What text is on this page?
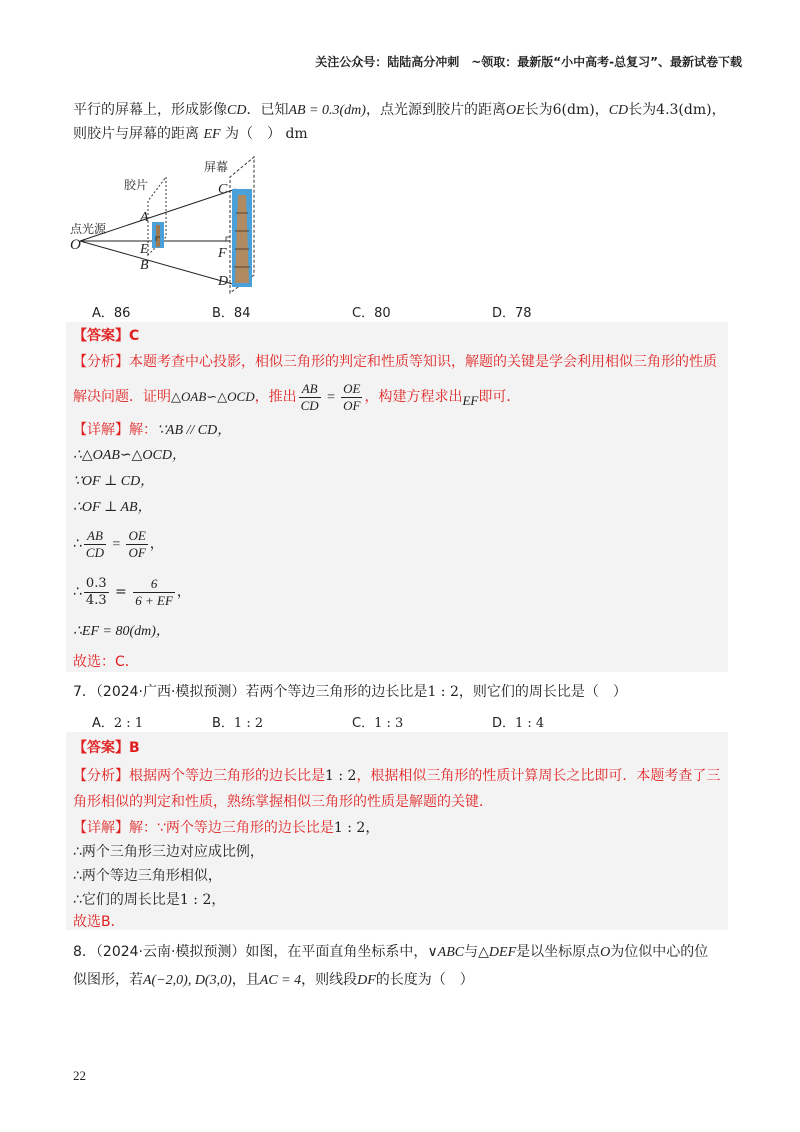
关注公众号：陆陆高分冲刺　~领取：最新版“小中高考-总复习”、最新试卷下载
平行的屏幕上，形成影像CD．已知AB = 0.3(dm)，点光源到胶片的距离OE长为6(dm)，CD长为4.3(dm)，
则胶片与屏幕的距离 EF 为（　） dm
屏幕
胶片
点光源
O
A
E
B
C
F
D
A．86	B．84	C．80	D．78
【答案】C
【分析】本题考查中心投影，相似三角形的判定和性质等知识，解题的关键是学会利用相似三角形的性质
解决问题．证明△OAB∽△OCD，推出 $\frac{AB}{CD} = \frac{OE}{OF}$ ，构建方程求出EF即可．
【详解】解：∵AB // CD，
∴△OAB∽△OCD，
∵OF ⊥ CD，
∴OF ⊥ AB，
∴ $\frac{AB}{CD} = \frac{OE}{OF}$ ，
∴ $\frac{0.3}{4.3} = \frac{6}{6 + EF}$ ，
∴EF = 80(dm)，
故选：C．
7．（2024·广西·模拟预测）若两个等边三角形的边长比是1 : 2，则它们的周长比是（　）
A．2 : 1	B．1 : 2	C．1 : 3	D．1 : 4
【答案】B
【分析】根据两个等边三角形的边长比是1 : 2，根据相似三角形的性质计算周长之比即可．本题考查了三
角形相似的判定和性质，熟练掌握相似三角形的性质是解题的关键．
【详解】解：∵两个等边三角形的边长比是1 : 2，
∴两个三角形三边对应成比例，
∴两个等边三角形相似，
∴它们的周长比是1 : 2，
故选B．
8．（2024·云南·模拟预测）如图，在平面直角坐标系中，∨ABC与△DEF是以坐标原点O为位似中心的位
似图形，若A(−2,0), D(3,0)，且AC = 4，则线段DF的长度为（　）
22
